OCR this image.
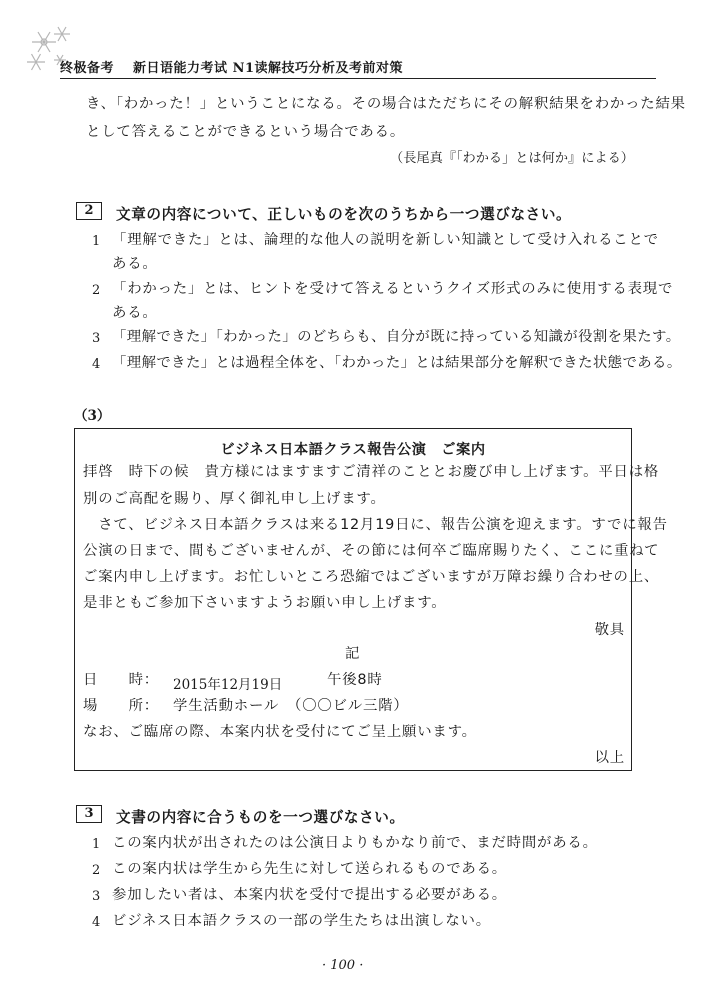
终极备考 新日语能力考试 N1读解技巧分析及考前对策
き、「わかった！」ということになる。その場合はただちにその解釈結果をわかった結果
として答えることができるという場合である。
（長尾真『「わかる」とは何か』による）
2	文章の内容について、正しいものを次のうちから一つ選びなさい。
1 「理解できた」とは、論理的な他人の説明を新しい知識として受け入れることで
ある。
2 「わかった」とは、ヒントを受けて答えるというクイズ形式のみに使用する表現で
ある。
3 「理解できた」「わかった」のどちらも、自分が既に持っている知識が役割を果たす。
4 「理解できた」とは過程全体を、「わかった」とは結果部分を解釈できた状態である。
（3）
ビジネス日本語クラス報告公演　ご案内
拝啓　時下の候　貴方様にはますますご清祥のこととお慶び申し上げます。平日は格
別のご高配を賜り、厚く御礼申し上げます。
　さて、ビジネス日本語クラスは来る12月19日に、報告公演を迎えます。すでに報告
公演の日まで、間もございませんが、その節には何卒ご臨席賜りたく、ここに重ねて
ご案内申し上げます。お忙しいところ恐縮ではございますが万障お繰り合わせの上、
是非ともご参加下さいますようお願い申し上げます。
敬具
記
日　　時： 2015年12月19日	午後8時
場　　所： 学生活動ホール　（〇〇ビル三階）
なお、ご臨席の際、本案内状を受付にてご呈上願います。
以上
3	文書の内容に合うものを一つ選びなさい。
1 この案内状が出されたのは公演日よりもかなり前で、まだ時間がある。
2 この案内状は学生から先生に対して送られるものである。
3 参加したい者は、本案内状を受付で提出する必要がある。
4 ビジネス日本語クラスの一部の学生たちは出演しない。
· 100 ·
